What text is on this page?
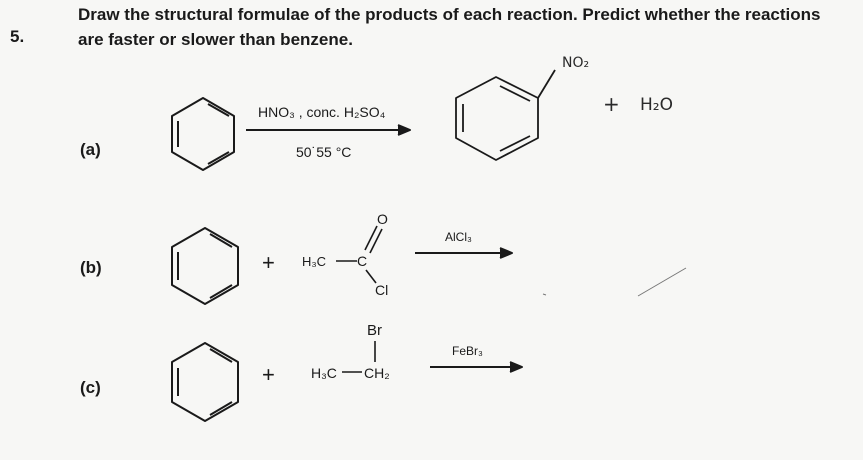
5.
Draw the structural formulae of the products of each reaction. Predict whether the reactions are faster or slower than benzene.
(a)
(b)
(c)
HNO₃ , conc. H₂SO₄
50˙55 °C
NO₂
+ H₂O
+ H₃C C
O
Cl
AlCl₃
+	H₃C CH₂
Br
FeBr₃
